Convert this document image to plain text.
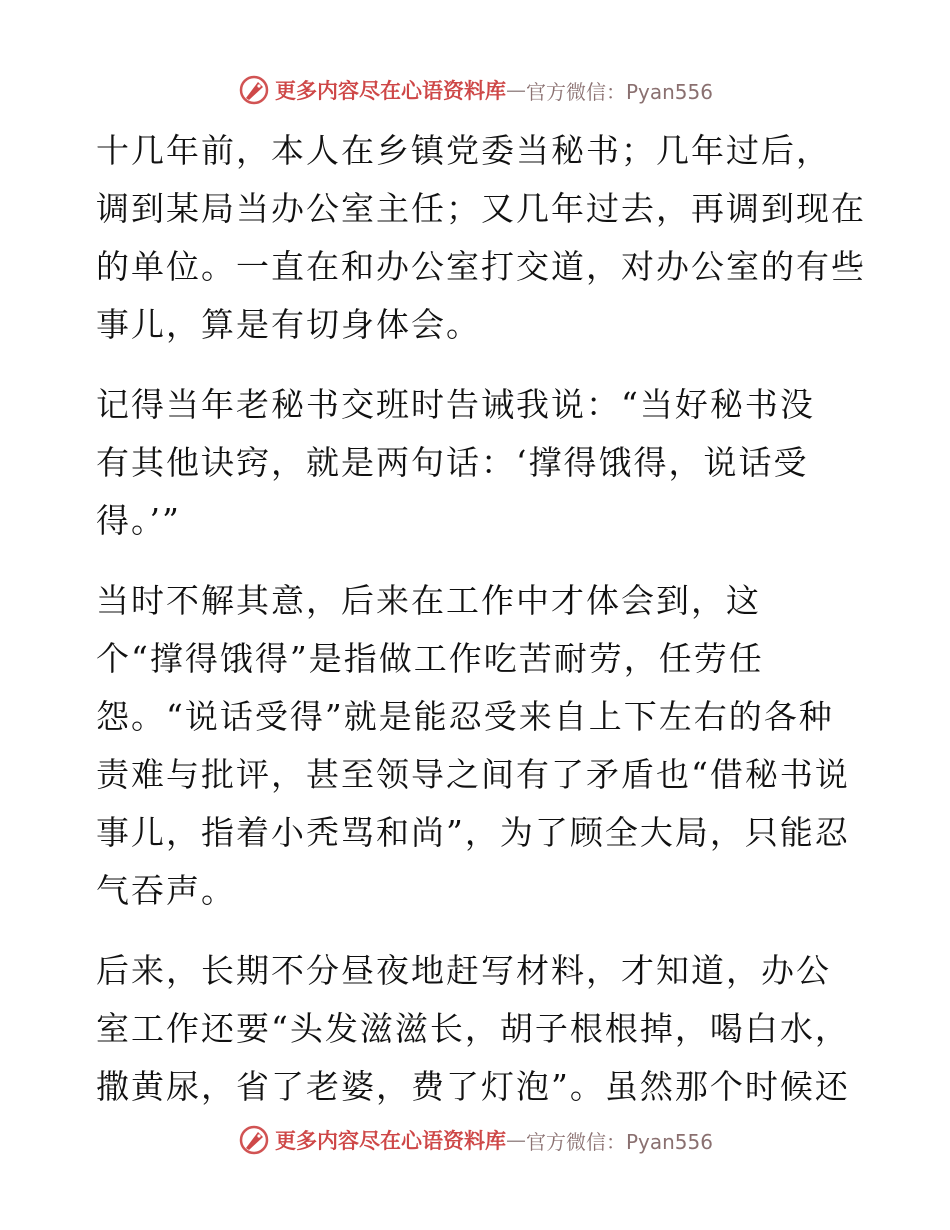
更多内容尽在心语资料库 — 官方微信：Pyan556
十几年前，本人在乡镇党委当秘书；几年过后，
调到某局当办公室主任；又几年过去，再调到现在
的单位。一直在和办公室打交道，对办公室的有些
事儿，算是有切身体会。
记得当年老秘书交班时告诫我说：“当好秘书没
有其他诀窍，就是两句话：‘撑得饿得，说话受
得。’”
当时不解其意，后来在工作中才体会到，这
个“撑得饿得”是指做工作吃苦耐劳，任劳任
怨。“说话受得”就是能忍受来自上下左右的各种
责难与批评，甚至领导之间有了矛盾也“借秘书说
事儿，指着小秃骂和尚”，为了顾全大局，只能忍
气吞声。
后来，长期不分昼夜地赶写材料，才知道，办公
室工作还要“头发滋滋长，胡子根根掉，喝白水，
撒黄尿，省了老婆，费了灯泡”。虽然那个时候还
更多内容尽在心语资料库 — 官方微信：Pyan556
